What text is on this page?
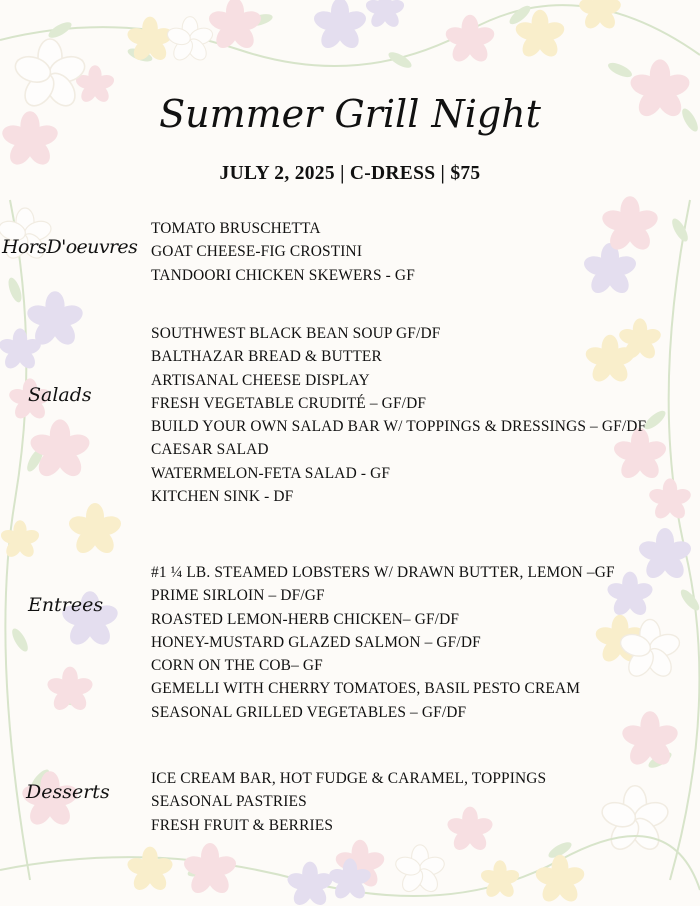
Summer Grill Night
JULY 2, 2025 | C-DRESS | $75
HorsD'oeuvres
TOMATO BRUSCHETTA
GOAT CHEESE-FIG CROSTINI
TANDOORI CHICKEN SKEWERS - GF
Salads
SOUTHWEST BLACK BEAN SOUP GF/DF
BALTHAZAR BREAD & BUTTER
ARTISANAL CHEESE DISPLAY
FRESH VEGETABLE CRUDITÉ – GF/DF
BUILD YOUR OWN SALAD BAR W/ TOPPINGS & DRESSINGS – GF/DF
CAESAR SALAD
WATERMELON-FETA SALAD - GF
KITCHEN SINK - DF
Entrees
#1 ¼ LB. STEAMED LOBSTERS W/ DRAWN BUTTER, LEMON –GF
PRIME SIRLOIN – DF/GF
ROASTED LEMON-HERB CHICKEN– GF/DF
HONEY-MUSTARD GLAZED SALMON – GF/DF
CORN ON THE COB– GF
GEMELLI WITH CHERRY TOMATOES, BASIL PESTO CREAM
SEASONAL GRILLED VEGETABLES – GF/DF
Desserts
ICE CREAM BAR, HOT FUDGE & CARAMEL, TOPPINGS
SEASONAL PASTRIES
FRESH FRUIT & BERRIES
